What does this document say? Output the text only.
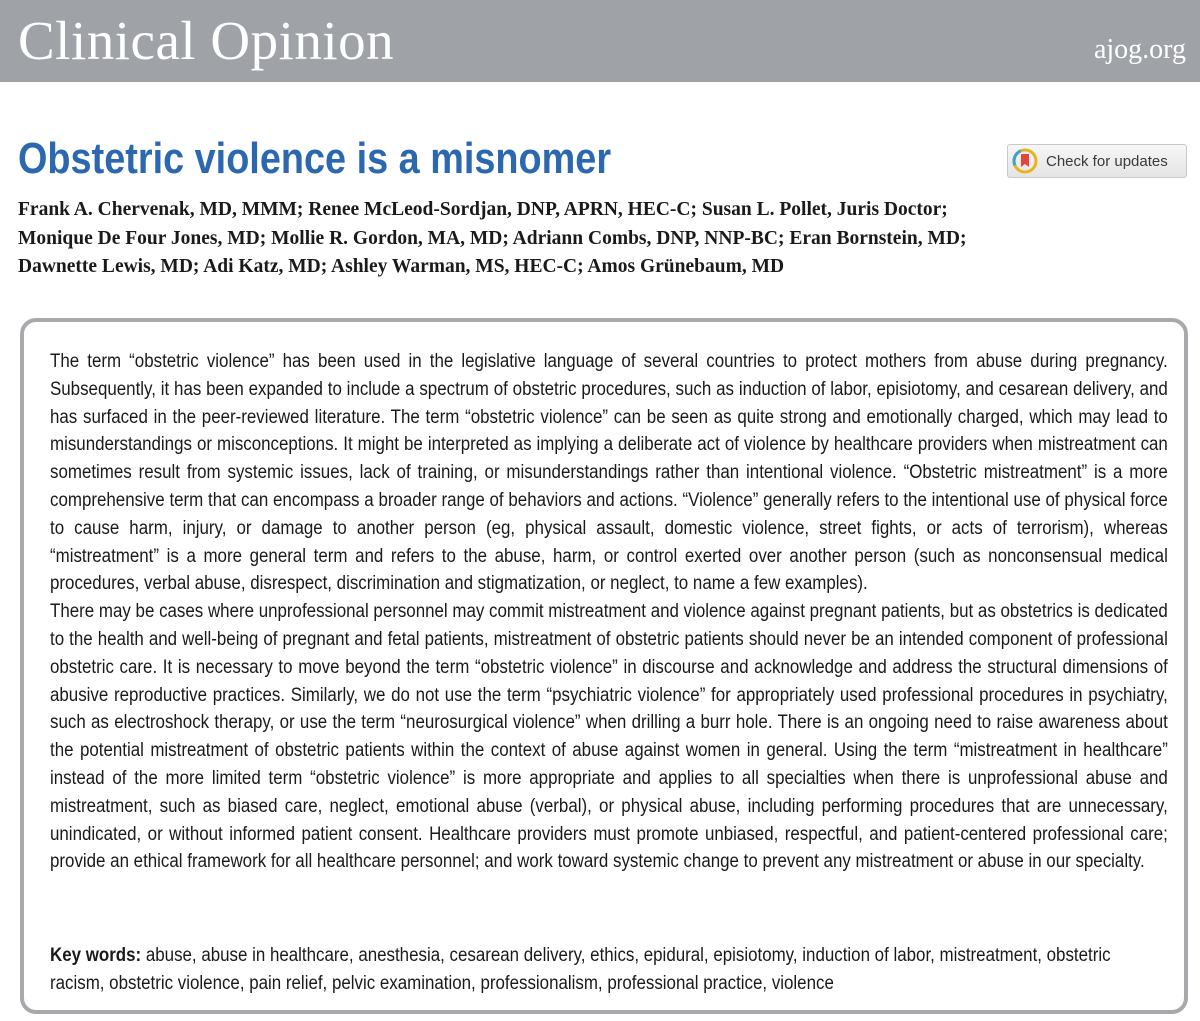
Clinical Opinion	ajog.org
Obstetric violence is a misnomer	Check for updates
Frank A. Chervenak, MD, MMM; Renee McLeod-Sordjan, DNP, APRN, HEC-C; Susan L. Pollet, Juris Doctor;
Monique De Four Jones, MD; Mollie R. Gordon, MA, MD; Adriann Combs, DNP, NNP-BC; Eran Bornstein, MD;
Dawnette Lewis, MD; Adi Katz, MD; Ashley Warman, MS, HEC-C; Amos Grünebaum, MD

The term “obstetric violence” has been used in the legislative language of several countries to protect mothers from abuse during pregnancy. Subsequently, it has been expanded to include a spectrum of obstetric procedures, such as induction of labor, episiotomy, and cesarean delivery, and has surfaced in the peer-reviewed literature. The term “obstetric violence” can be seen as quite strong and emotionally charged, which may lead to misunderstandings or misconceptions. It might be interpreted as implying a deliberate act of violence by healthcare providers when mistreatment can sometimes result from systemic issues, lack of training, or misunderstandings rather than intentional violence. “Obstetric mistreatment” is a more comprehensive term that can encompass a broader range of behaviors and actions. “Violence” generally refers to the intentional use of physical force to cause harm, injury, or damage to another person (eg, physical assault, domestic violence, street fights, or acts of terrorism), whereas “mistreatment” is a more general term and refers to the abuse, harm, or control exerted over another person (such as nonconsensual medical procedures, verbal abuse, disrespect, discrimination and stigmatization, or neglect, to name a few examples).

There may be cases where unprofessional personnel may commit mistreatment and violence against pregnant patients, but as obstetrics is dedicated to the health and well-being of pregnant and fetal patients, mistreatment of obstetric patients should never be an intended component of professional obstetric care. It is necessary to move beyond the term “obstetric violence” in discourse and acknowledge and address the structural dimensions of abusive reproductive practices. Similarly, we do not use the term “psychiatric violence” for appropriately used professional procedures in psychiatry, such as electroshock therapy, or use the term “neurosurgical violence” when drilling a burr hole. There is an ongoing need to raise awareness about the potential mistreatment of obstetric patients within the context of abuse against women in general. Using the term “mistreatment in healthcare” instead of the more limited term “obstetric violence” is more appropriate and applies to all specialties when there is unprofessional abuse and mistreatment, such as biased care, neglect, emotional abuse (verbal), or physical abuse, including performing procedures that are unnecessary, unindicated, or without informed patient consent. Healthcare providers must promote unbiased, respectful, and patient-centered professional care; provide an ethical framework for all healthcare personnel; and work toward systemic change to prevent any mistreatment or abuse in our specialty.

Key words: abuse, abuse in healthcare, anesthesia, cesarean delivery, ethics, epidural, episiotomy, induction of labor, mistreatment, obstetric racism, obstetric violence, pain relief, pelvic examination, professionalism, professional practice, violence
